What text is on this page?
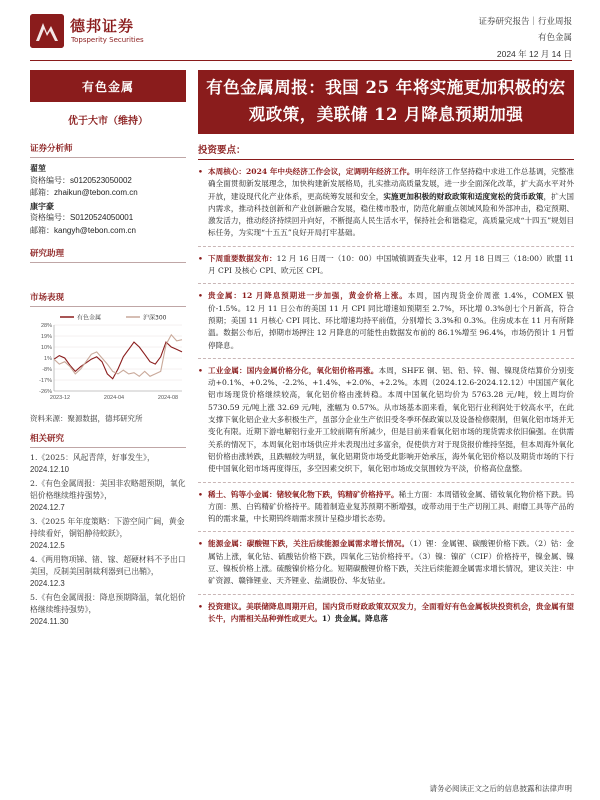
德邦证券
Topsperity Securities
证券研究报告｜行业周报
有色金属
2024 年 12 月 14 日
有色金属
优于大市（维持）
证券分析师
翟堃
资格编号：s0120523050002
邮箱：zhaikun@tebon.com.cn
康宇豪
资格编号：S0120524050001
邮箱：kangyh@tebon.com.cn
研究助理
市场表现
有色金属	沪深300
28%
19%
10%
1%
-8%
-17%
-26%
2023-12	2024-04	2024-08
资料来源：聚源数据，德邦研究所
相关研究
1.《2025：风起青萍，好事发生》，
2024.12.10
2.《有色金属周报：美国非农略超预期，氧化铝价格继续维持强势》，
2024.12.7
3.《2025 年年度策略：下游空间广阔，黄金持续看好，铜铝静待蛟跃》，
2024.12.5
4.《两用物项锑、锗、镓、超硬材料不予出口美国，反制美国制裁利器到已出鞘》，
2024.12.3
5.《有色金属周报：降息预期降温，氧化铝价格继续维持强势》，
2024.11.30
有色金属周报：我国 25 年将实施更加积极的宏观政策，美联储 12 月降息预期加强
投资要点：
• 本周核心：2024 年中央经济工作会议，定调明年经济工作。明年经济工作坚持稳中求进工作总基调，完整准确全面贯彻新发展理念，加快构建新发展格局，扎实推动高质量发展，进一步全面深化改革，扩大高水平对外开放，建设现代化产业体系，更高统筹发展和安全，实施更加积极的财政政策和适度宽松的货币政策，扩大国内需求，推动科技创新和产业创新融合发展，稳住楼市股市，防范化解重点领域风险和外部冲击，稳定预期、激发活力，推动经济持续回升向好，不断提高人民生活水平，保持社会和谐稳定，高质量完成“十四五”规划目标任务，为实现“十五五”良好开局打牢基础。
• 下周重要数据发布：12 月 16 日周一（10：00）中国城镇调查失业率，12 月 18 日周三（18:00）欧盟 11 月 CPI 及核心 CPI、欧元区 CPI。
• 贵金属：12 月降息预期进一步加强，黄金价格上涨。本周，国内现货金价周涨 1.4%，COMEX 银价-1.5%。12 月 11 日公布的美国 11 月 CPI 同比增速如预期至 2.7%，环比增 0.3%创七个月新高，符合预期；美国 11 月核心 CPI 同比、环比增速均持平前值，分别增长 3.3%和 0.3%。住房成本在 11 月有所降温。数据公布后，掉期市场押注 12 月降息的可能性由数据发布前的 86.1%增至 96.4%，市场仍预计 1 月暂停降息。
• 工业金属：国内金属价格分化，氧化铝价格再涨。本周，SHFE 铜、铝、铅、锌、锡、镍现货结算价分别变动+0.1%、+0.2%、-2.2%、+1.4%、+2.0%、+2.2%。本周（2024.12.6-2024.12.12）中国国产氧化铝市场现货价格继续较高，氧化铝价格由涨转稳。本周中国氧化铝均价为 5763.28 元/吨，较上周均价 5730.59 元/吨上涨 32.69 元/吨，涨幅为 0.57%。从市场基本面来看，氧化铝行业利润处于较高水平，在此支撑下氧化铝企业大多积极生产，虽部分企业生产依旧受冬季环保政策以及设备检修限制，但氧化铝市场并无变化有限。近期下游电解铝行业开工较前期有所减少，但是目前来看氧化铝市场的现货需求依旧偏强。在供需关系的情况下，本周氧化铝市场供应并未表现出过多富余，促使供方对于现货报价维持坚挺，但本周海外氧化铝价格由涨转跌，且跌幅较为明显，氧化铝期货市场受此影响开始承压，海外氧化铝价格以及期货市场的下行使中国氧化铝市场再度得压，多空因素交织下，氧化铝市场成交氛围较为平淡，价格高位盘整。
• 稀土、钨等小金属：锗较氧化物下跌，钨精矿价格持平。稀土方面：本周镨钕金属、镨钕氧化物价格下跌。钨方面：黑、白钨精矿价格持平。随着制造业复苏预期不断增强，或带动用于生产切削工具、耐磨工具等产品的钨的需求量，中长期钨终端需求预计呈稳步增长态势。
• 能源金属：碳酸锂下跌，关注后续能源金属需求增长情况。（1）锂：金属锂、碳酸锂价格下跌。（2）钴：金属钴上涨，氧化钴、硫酸钴价格下跌，四氧化三钴价格持平。（3）镍：镍矿（CIF）价格持平，镍金属、镍豆、镍板价格上涨。硫酸镍价格分化。短期碳酸锂价格下跌，关注后续能源金属需求增长情况，建议关注：中矿资源、赣锋锂业、天齐锂业、盐湖股份、华友钴业。
• 投资建议。美联储降息周期开启，国内货币财政政策双双发力，全面看好有色金属板块投资机会，贵金属有望长牛，内需相关品种弹性或更大。1）贵金属。降息落
请务必阅读正文之后的信息披露和法律声明
